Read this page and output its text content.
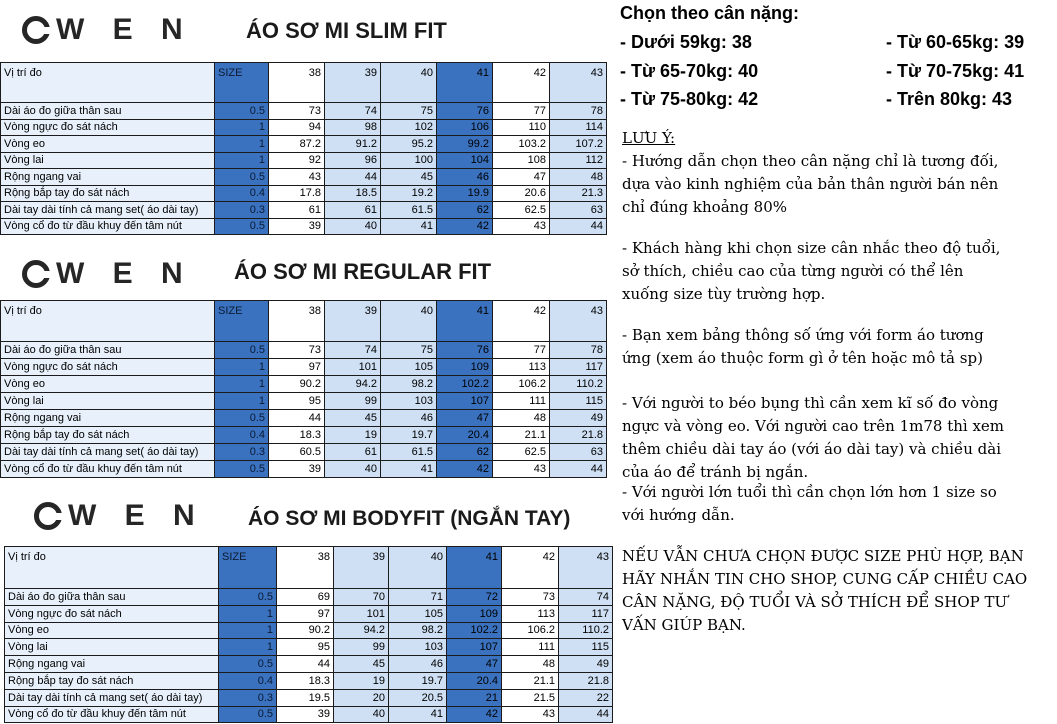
W E N ÁO SƠ MI SLIM FIT
Vị trí đo	SIZE	38	39	40	41	42	43
Dài áo đo giữa thân sau	0.5	73	74	75	76	77	78
Vòng ngực đo sát nách	1	94	98	102	106	110	114
Vòng eo	1	87.2	91.2	95.2	99.2	103.2	107.2
Vòng lai	1	92	96	100	104	108	112
Rộng ngang vai	0.5	43	44	45	46	47	48
Rộng bắp tay đo sát nách	0.4	17.8	18.5	19.2	19.9	20.6	21.3
Dài tay dài tính cả mang set( áo dài tay)	0.3	61	61	61.5	62	62.5	63
Vòng cổ đo từ đầu khuy đến tâm nút	0.5	39	40	41	42	43	44
W E N ÁO SƠ MI REGULAR FIT
Vị trí đo	SIZE	38	39	40	41	42	43
Dài áo đo giữa thân sau	0.5	73	74	75	76	77	78
Vòng ngực đo sát nách	1	97	101	105	109	113	117
Vòng eo	1	90.2	94.2	98.2	102.2	106.2	110.2
Vòng lai	1	95	99	103	107	111	115
Rộng ngang vai	0.5	44	45	46	47	48	49
Rộng bắp tay đo sát nách	0.4	18.3	19	19.7	20.4	21.1	21.8
Dài tay dài tính cả mang set( áo dài tay)	0.3	60.5	61	61.5	62	62.5	63
Vòng cổ đo từ đầu khuy đến tâm nút	0.5	39	40	41	42	43	44
W E N ÁO SƠ MI BODYFIT (NGẮN TAY)
Vị trí đo	SIZE	38	39	40	41	42	43
Dài áo đo giữa thân sau	0.5	69	70	71	72	73	74
Vòng ngực đo sát nách	1	97	101	105	109	113	117
Vòng eo	1	90.2	94.2	98.2	102.2	106.2	110.2
Vòng lai	1	95	99	103	107	111	115
Rộng ngang vai	0.5	44	45	46	47	48	49
Rộng bắp tay đo sát nách	0.4	18.3	19	19.7	20.4	21.1	21.8
Dài tay dài tính cả mang set( áo dài tay)	0.3	19.5	20	20.5	21	21.5	22
Vòng cổ đo từ đầu khuy đến tâm nút	0.5	39	40	41	42	43	44
Chọn theo cân nặng:
- Dưới 59kg: 38	- Từ 60-65kg: 39
- Từ 65-70kg: 40	- Từ 70-75kg: 41
- Từ 75-80kg: 42	- Trên 80kg: 43
LƯU Ý:
- Hướng dẫn chọn theo cân nặng chỉ là tương đối,
dựa vào kinh nghiệm của bản thân người bán nên
chỉ đúng khoảng 80%
- Khách hàng khi chọn size cân nhắc theo độ tuổi,
sở thích, chiều cao của từng người có thể lên
xuống size tùy trường hợp.
- Bạn xem bảng thông số ứng với form áo tương
ứng (xem áo thuộc form gì ở tên hoặc mô tả sp)
- Với người to béo bụng thì cần xem kĩ số đo vòng
ngực và vòng eo. Với người cao trên 1m78 thì xem
thêm chiều dài tay áo (với áo dài tay) và chiều dài
của áo để tránh bị ngắn.
- Với người lớn tuổi thì cần chọn lớn hơn 1 size so
với hướng dẫn.
NẾU VẪN CHƯA CHỌN ĐƯỢC SIZE PHÙ HỢP, BẠN
HÃY NHẮN TIN CHO SHOP, CUNG CẤP CHIỀU CAO
CÂN NẶNG, ĐỘ TUỔI VÀ SỞ THÍCH ĐỂ SHOP TƯ
VẤN GIÚP BẠN.
